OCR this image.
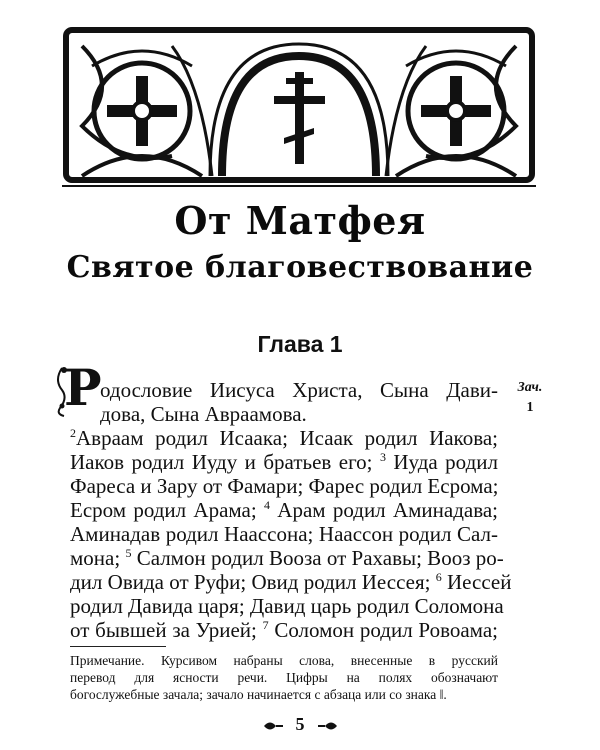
От Матфея
Святое благовествование
Глава 1
Р
одословие Иисуса Христа, Сына Дави-
дова, Сына Авраамова.
$^2$Авраам родил Исаака; Исаак родил Иакова;
Иаков родил Иуду и братьев его; $^3$ Иуда родил
Фареса и Зару от Фамари; Фарес родил Есрома;
Есром родил Арама; $^4$ Арам родил Аминадава;
Аминадав родил Наассона; Наассон родил Сал-
мона; $^5$ Салмон родил Вооза от Рахавы; Вооз ро-
дил Овида от Руфи; Овид родил Иессея; $^6$ Иессей
родил Давида царя; Давид царь родил Соломона
от бывшей за Урией; $^7$ Соломон родил Ровоама;
Зач.
1
Примечание. Курсивом набраны слова, внесенные в русский
перевод для ясности речи. Цифры на полях обозначают
богослужебные зачала; зачало начинается с абзаца или со знака ‖.
5
